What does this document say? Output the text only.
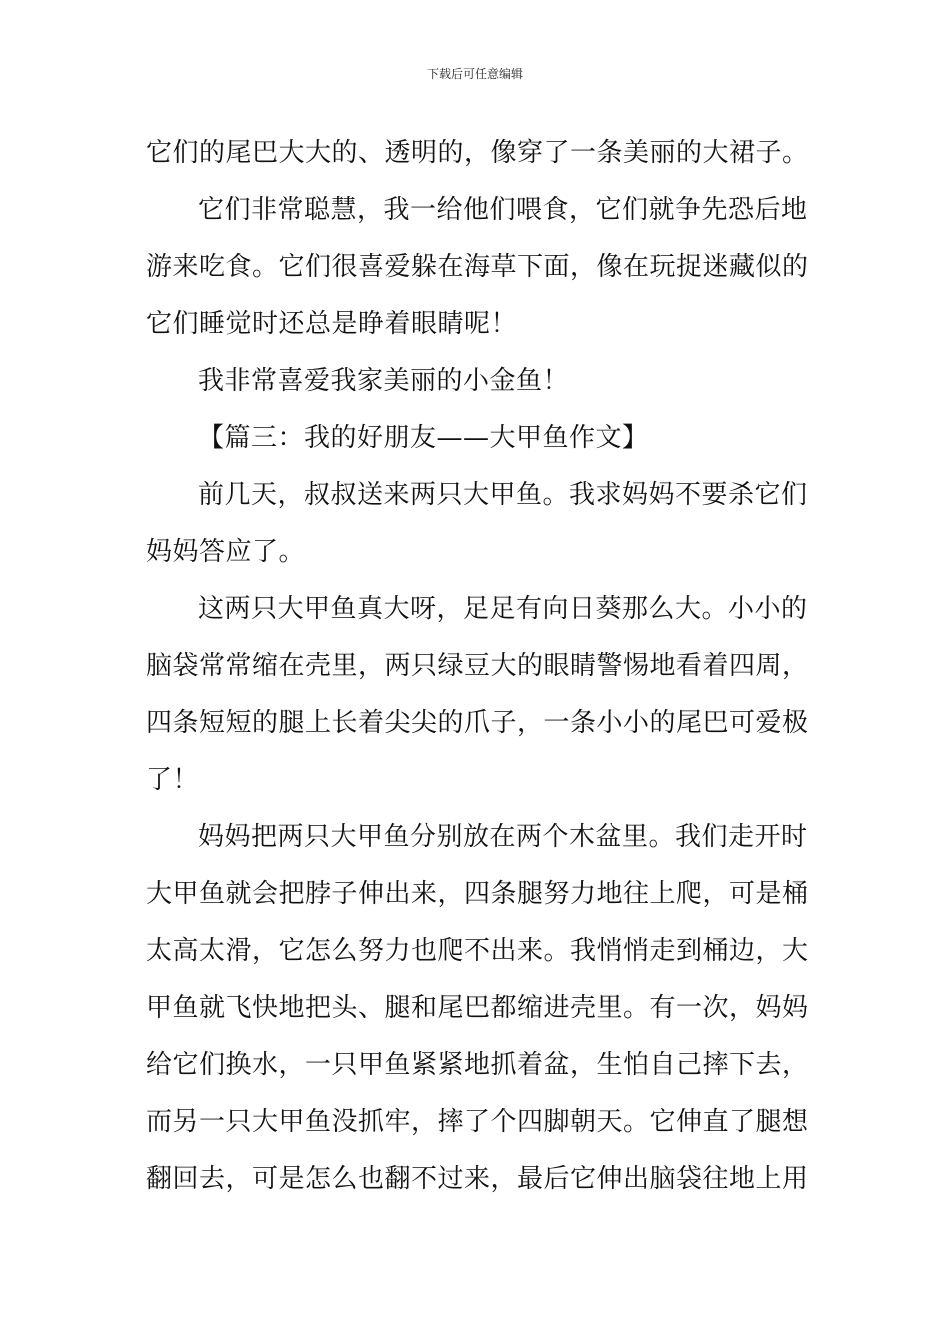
下载后可任意编辑
它们的尾巴大大的、透明的，像穿了一条美丽的大裙子。
它们非常聪慧，我一给他们喂食，它们就争先恐后地
游来吃食。它们很喜爱躲在海草下面，像在玩捉迷藏似的
它们睡觉时还总是睁着眼睛呢！
我非常喜爱我家美丽的小金鱼！
【篇三：我的好朋友——大甲鱼作文】
前几天，叔叔送来两只大甲鱼。我求妈妈不要杀它们
妈妈答应了。
这两只大甲鱼真大呀，足足有向日葵那么大。小小的
脑袋常常缩在壳里，两只绿豆大的眼睛警惕地看着四周，
四条短短的腿上长着尖尖的爪子，一条小小的尾巴可爱极
了！
妈妈把两只大甲鱼分别放在两个木盆里。我们走开时
大甲鱼就会把脖子伸出来，四条腿努力地往上爬，可是桶
太高太滑，它怎么努力也爬不出来。我悄悄走到桶边，大
甲鱼就飞快地把头、腿和尾巴都缩进壳里。有一次，妈妈
给它们换水，一只甲鱼紧紧地抓着盆，生怕自己摔下去，
而另一只大甲鱼没抓牢，摔了个四脚朝天。它伸直了腿想
翻回去，可是怎么也翻不过来，最后它伸出脑袋往地上用
